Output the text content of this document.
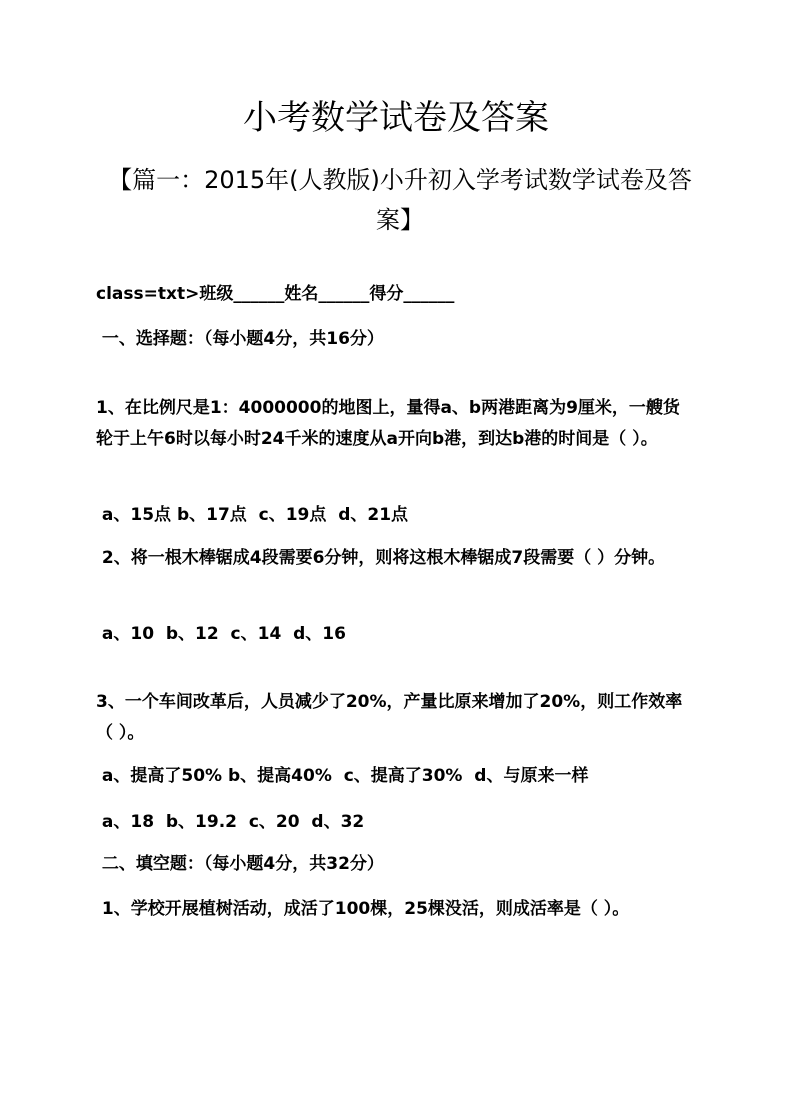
小考数学试卷及答案

【篇一：2015年(人教版)小升初入学考试数学试卷及答案】

class=txt>班级______姓名______得分______

一、选择题：（每小题4分，共16分）

1、在比例尺是1：4000000的地图上，量得a、b两港距离为9厘米，一艘货轮于上午6时以每小时24千米的速度从a开向b港，到达b港的时间是（ ）。

a、15点 b、17点  c、19点  d、21点

2、将一根木棒锯成4段需要6分钟，则将这根木棒锯成7段需要（ ）分钟。

a、10  b、12  c、14  d、16

3、一个车间改革后，人员减少了20%，产量比原来增加了20%，则工作效率（ ）。

a、提高了50% b、提高40%  c、提高了30%  d、与原来一样

a、18  b、19.2  c、20  d、32

二、填空题：（每小题4分，共32分）

1、学校开展植树活动，成活了100棵，25棵没活，则成活率是（ ）。
